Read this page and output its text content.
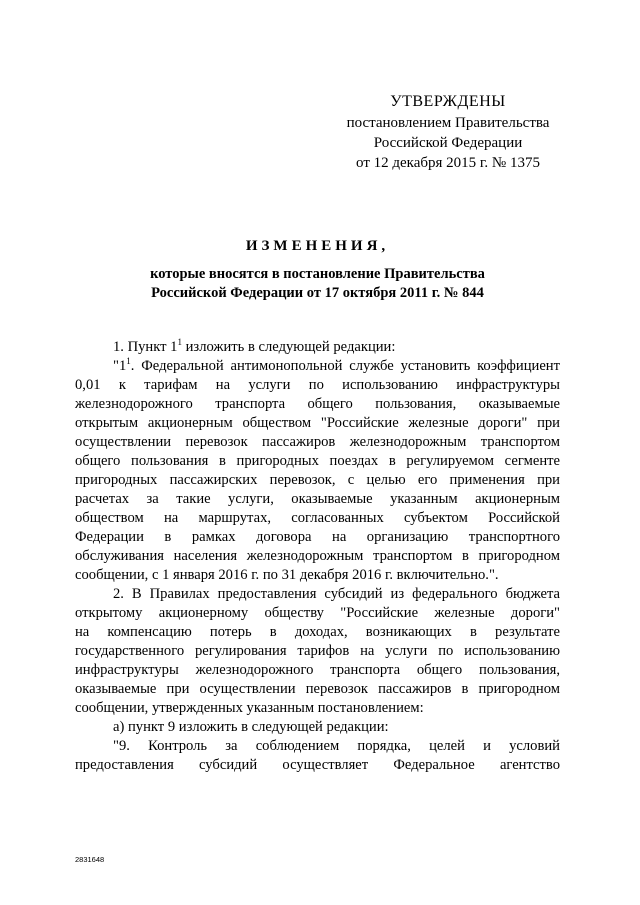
УТВЕРЖДЕНЫ
постановлением Правительства
Российской Федерации
от 12 декабря 2015 г. № 1375
ИЗМЕНЕНИЯ,
которые вносятся в постановление Правительства
Российской Федерации от 17 октября 2011 г. № 844

1. Пункт $1^1$ изложить в следующей редакции:

"$1^1$. Федеральной антимонопольной службе установить коэффициент
0,01 к тарифам на услуги по использованию инфраструктуры
железнодорожного транспорта общего пользования, оказываемые
открытым акционерным обществом "Российские железные дороги" при
осуществлении перевозок пассажиров железнодорожным транспортом
общего пользования в пригородных поездах в регулируемом сегменте
пригородных пассажирских перевозок, с целью его применения при
расчетах за такие услуги, оказываемые указанным акционерным
обществом на маршрутах, согласованных субъектом Российской
Федерации в рамках договора на организацию транспортного
обслуживания населения железнодорожным транспортом в пригородном
сообщении, с 1 января 2016 г. по 31 декабря 2016 г. включительно.".
2. В Правилах предоставления субсидий из федерального бюджета
открытому акционерному обществу "Российские железные дороги"
на компенсацию потерь в доходах, возникающих в результате
государственного регулирования тарифов на услуги по использованию
инфраструктуры железнодорожного транспорта общего пользования,
оказываемые при осуществлении перевозок пассажиров в пригородном
сообщении, утвержденных указанным постановлением:

а) пункт 9 изложить в следующей редакции:

"9. Контроль за соблюдением порядка, целей и условий
предоставления субсидий осуществляет Федеральное агентство
2831648
